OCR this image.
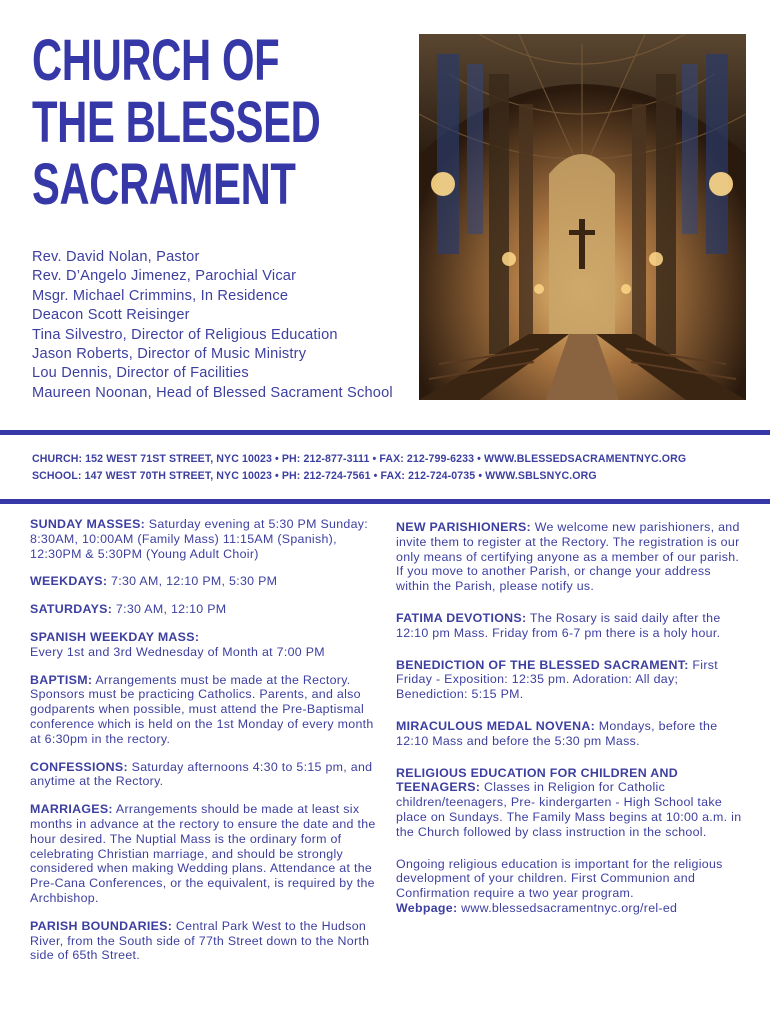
CHURCH OF
THE BLESSED
SACRAMENT
Rev. David Nolan, Pastor
Rev. D’Angelo Jimenez, Parochial Vicar
Msgr. Michael Crimmins, In Residence
Deacon Scott Reisinger
Tina Silvestro, Director of Religious Education
Jason Roberts, Director of Music Ministry
Lou Dennis, Director of Facilities
Maureen Noonan, Head of Blessed Sacrament School
CHURCH: 152 WEST 71ST STREET, NYC 10023 • PH: 212-877-3111 • FAX: 212-799-6233 • WWW.BLESSEDSACRAMENTNYC.ORG
SCHOOL: 147 WEST 70TH STREET, NYC 10023 • PH: 212-724-7561 • FAX: 212-724-0735 • WWW.SBLSNYC.ORG

SUNDAY MASSES: Saturday evening at 5:30 PM Sunday: 8:30AM, 10:00AM (Family Mass) 11:15AM (Spanish), 12:30PM & 5:30PM (Young Adult Choir)

WEEKDAYS: 7:30 AM, 12:10 PM, 5:30 PM

SATURDAYS: 7:30 AM, 12:10 PM

SPANISH WEEKDAY MASS:
Every 1st and 3rd Wednesday of Month at 7:00 PM

BAPTISM: Arrangements must be made at the Rectory. Sponsors must be practicing Catholics. Parents, and also godparents when possible, must attend the Pre-Baptismal conference which is held on the 1st Monday of every month at 6:30pm in the rectory.

CONFESSIONS: Saturday afternoons 4:30 to 5:15 pm, and anytime at the Rectory.

MARRIAGES: Arrangements should be made at least six months in advance at the rectory to ensure the date and the hour desired. The Nuptial Mass is the ordinary form of celebrating Christian marriage, and should be strongly considered when making Wedding plans. Attendance at the Pre-Cana Conferences, or the equivalent, is required by the Archbishop.

PARISH BOUNDARIES: Central Park West to the Hudson River, from the South side of 77th Street down to the North side of 65th Street.

NEW PARISHIONERS: We welcome new parishioners, and invite them to register at the Rectory. The registration is our only means of certifying anyone as a member of our parish. If you move to another Parish, or change your address within the Parish, please notify us.

FATIMA DEVOTIONS: The Rosary is said daily after the 12:10 pm Mass. Friday from 6-7 pm there is a holy hour.

BENEDICTION OF THE BLESSED SACRAMENT: First Friday - Exposition: 12:35 pm. Adoration: All day; Benediction: 5:15 PM.

MIRACULOUS MEDAL NOVENA: Mondays, before the 12:10 Mass and before the 5:30 pm Mass.

RELIGIOUS EDUCATION FOR CHILDREN AND TEENAGERS: Classes in Religion for Catholic children/teenagers, Pre- kindergarten - High School take place on Sundays. The Family Mass begins at 10:00 a.m. in the Church followed by class instruction in the school.

Ongoing religious education is important for the religious development of your children. First Communion and Confirmation require a two year program.
Webpage: www.blessedsacramentnyc.org/rel-ed
